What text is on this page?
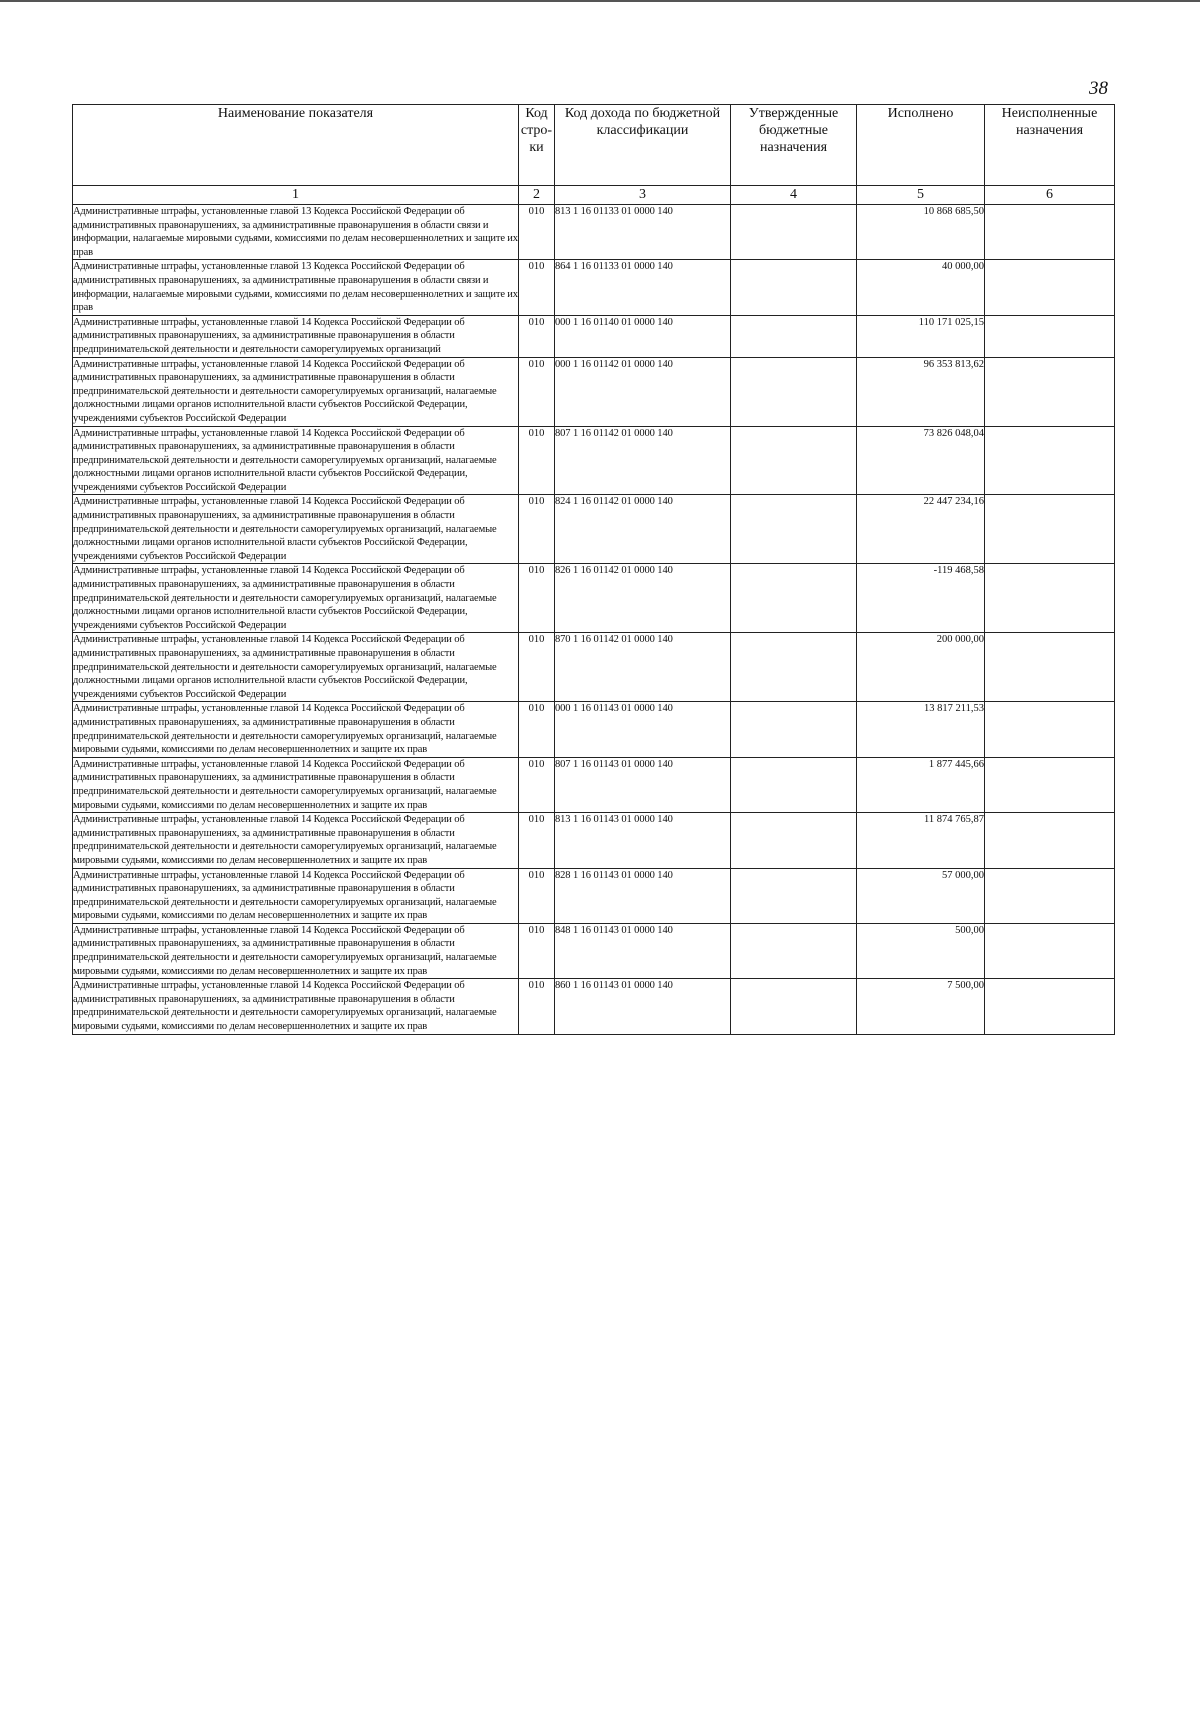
38
Наименование показателя	Код стро- ки	Код дохода по бюджетной классификации	Утвержденные бюджетные назначения	Исполнено	Неисполненные назначения
1	2	3	4	5	6
Административные штрафы, установленные главой 13 Кодекса Российской Федерации об административных правонарушениях, за административные правонарушения в области связи и информации, налагаемые мировыми судьями, комиссиями по делам несовершеннолетних и защите их прав	010	813 1 16 01133 01 0000 140		10 868 685,50	
Административные штрафы, установленные главой 13 Кодекса Российской Федерации об административных правонарушениях, за административные правонарушения в области связи и информации, налагаемые мировыми судьями, комиссиями по делам несовершеннолетних и защите их прав	010	864 1 16 01133 01 0000 140		40 000,00	
Административные штрафы, установленные главой 14 Кодекса Российской Федерации об административных правонарушениях, за административные правонарушения в области предпринимательской деятельности и деятельности саморегулируемых организаций	010	000 1 16 01140 01 0000 140		110 171 025,15	
Административные штрафы, установленные главой 14 Кодекса Российской Федерации об административных правонарушениях, за административные правонарушения в области предпринимательской деятельности и деятельности саморегулируемых организаций, налагаемые должностными лицами органов исполнительной власти субъектов Российской Федерации, учреждениями субъектов Российской Федерации	010	000 1 16 01142 01 0000 140		96 353 813,62	
Административные штрафы, установленные главой 14 Кодекса Российской Федерации об административных правонарушениях, за административные правонарушения в области предпринимательской деятельности и деятельности саморегулируемых организаций, налагаемые должностными лицами органов исполнительной власти субъектов Российской Федерации, учреждениями субъектов Российской Федерации	010	807 1 16 01142 01 0000 140		73 826 048,04	
Административные штрафы, установленные главой 14 Кодекса Российской Федерации об административных правонарушениях, за административные правонарушения в области предпринимательской деятельности и деятельности саморегулируемых организаций, налагаемые должностными лицами органов исполнительной власти субъектов Российской Федерации, учреждениями субъектов Российской Федерации	010	824 1 16 01142 01 0000 140		22 447 234,16	
Административные штрафы, установленные главой 14 Кодекса Российской Федерации об административных правонарушениях, за административные правонарушения в области предпринимательской деятельности и деятельности саморегулируемых организаций, налагаемые должностными лицами органов исполнительной власти субъектов Российской Федерации, учреждениями субъектов Российской Федерации	010	826 1 16 01142 01 0000 140		-119 468,58	
Административные штрафы, установленные главой 14 Кодекса Российской Федерации об административных правонарушениях, за административные правонарушения в области предпринимательской деятельности и деятельности саморегулируемых организаций, налагаемые должностными лицами органов исполнительной власти субъектов Российской Федерации, учреждениями субъектов Российской Федерации	010	870 1 16 01142 01 0000 140		200 000,00	
Административные штрафы, установленные главой 14 Кодекса Российской Федерации об административных правонарушениях, за административные правонарушения в области предпринимательской деятельности и деятельности саморегулируемых организаций, налагаемые мировыми судьями, комиссиями по делам несовершеннолетних и защите их прав	010	000 1 16 01143 01 0000 140		13 817 211,53	
Административные штрафы, установленные главой 14 Кодекса Российской Федерации об административных правонарушениях, за административные правонарушения в области предпринимательской деятельности и деятельности саморегулируемых организаций, налагаемые мировыми судьями, комиссиями по делам несовершеннолетних и защите их прав	010	807 1 16 01143 01 0000 140		1 877 445,66	
Административные штрафы, установленные главой 14 Кодекса Российской Федерации об административных правонарушениях, за административные правонарушения в области предпринимательской деятельности и деятельности саморегулируемых организаций, налагаемые мировыми судьями, комиссиями по делам несовершеннолетних и защите их прав	010	813 1 16 01143 01 0000 140		11 874 765,87	
Административные штрафы, установленные главой 14 Кодекса Российской Федерации об административных правонарушениях, за административные правонарушения в области предпринимательской деятельности и деятельности саморегулируемых организаций, налагаемые мировыми судьями, комиссиями по делам несовершеннолетних и защите их прав	010	828 1 16 01143 01 0000 140		57 000,00	
Административные штрафы, установленные главой 14 Кодекса Российской Федерации об административных правонарушениях, за административные правонарушения в области предпринимательской деятельности и деятельности саморегулируемых организаций, налагаемые мировыми судьями, комиссиями по делам несовершеннолетних и защите их прав	010	848 1 16 01143 01 0000 140		500,00	
Административные штрафы, установленные главой 14 Кодекса Российской Федерации об административных правонарушениях, за административные правонарушения в области предпринимательской деятельности и деятельности саморегулируемых организаций, налагаемые мировыми судьями, комиссиями по делам несовершеннолетних и защите их прав	010	860 1 16 01143 01 0000 140		7 500,00	
